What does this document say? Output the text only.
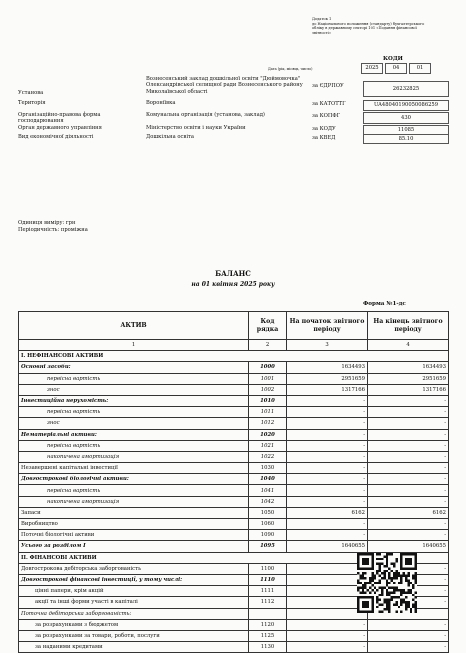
Додаток 1
до Національного положення (стандарту) бухгалтерського
обліку в державному секторі 101 «Подання фінансової
звітності»
КОДИ
Дата (рік, місяць, число)	2025	04	01
Установа
Вознесенський заклад дошкільної освіти "Дюймовочка" Олександрівської селищної ради Вознесенського району Миколаївської області
за ЄДРПОУ	26232825
Територія	Вороніївка	за КАТОТТГ	UA48040190050086259
Організаційно-правова форма господарювання
Комунальна організація (установа, заклад)	за КОПФГ	430
Орган державного управління	Міністерство освіти і науки України	за КОДУ	11085
Вид економічної діяльності	Дошкільна освіта	за КВЕД	85.10
Одиниця виміру: грн
Періодичність: проміжна
БАЛАНС
на 01 квітня 2025 року
Форма №1-дс
АКТИВ	Код рядка	На початок звітного періоду	На кінець звітного періоду
1	2	3	4
I. НЕФІНАНСОВІ АКТИВИ			
Основні засоби:	1000	1634493	1634493
первісна вартість	1001	2951659	2951659
знос	1002	1317166	1317166
Інвестиційна нерухомість:	1010	-	-
первісна вартість	1011	-	-
знос	1012	-	-
Нематеріальні активи:	1020	-	-
первісна вартість	1021	-	-
накопичена амортизація	1022	-	-
Незавершені капітальні інвестиції	1030	-	-
Довгострокові біологічні активи:	1040	-	-
первісна вартість	1041	-	-
накопичена амортизація	1042	-	-
Запаси	1050	6162	6162
Виробництво	1060	-	-
Поточні біологічні активи	1090	-	-
Усього за розділом І	1095	1640655	1640655
II. ФІНАНСОВІ АКТИВИ			
Довгострокова дебіторська заборгованість	1100		-
Довгострокові фінансові інвестиції, у тому числі:	1110		-
цінні папери, крім акцій	1111		-
акції та інші форми участі в капіталі	1112		-
Поточна дебіторська заборгованість:			
за розрахунками з бюджетом	1120	-	-
за розрахунками за товари, роботи, послуги	1125	-	-
за наданими кредитами	1130	-	-
